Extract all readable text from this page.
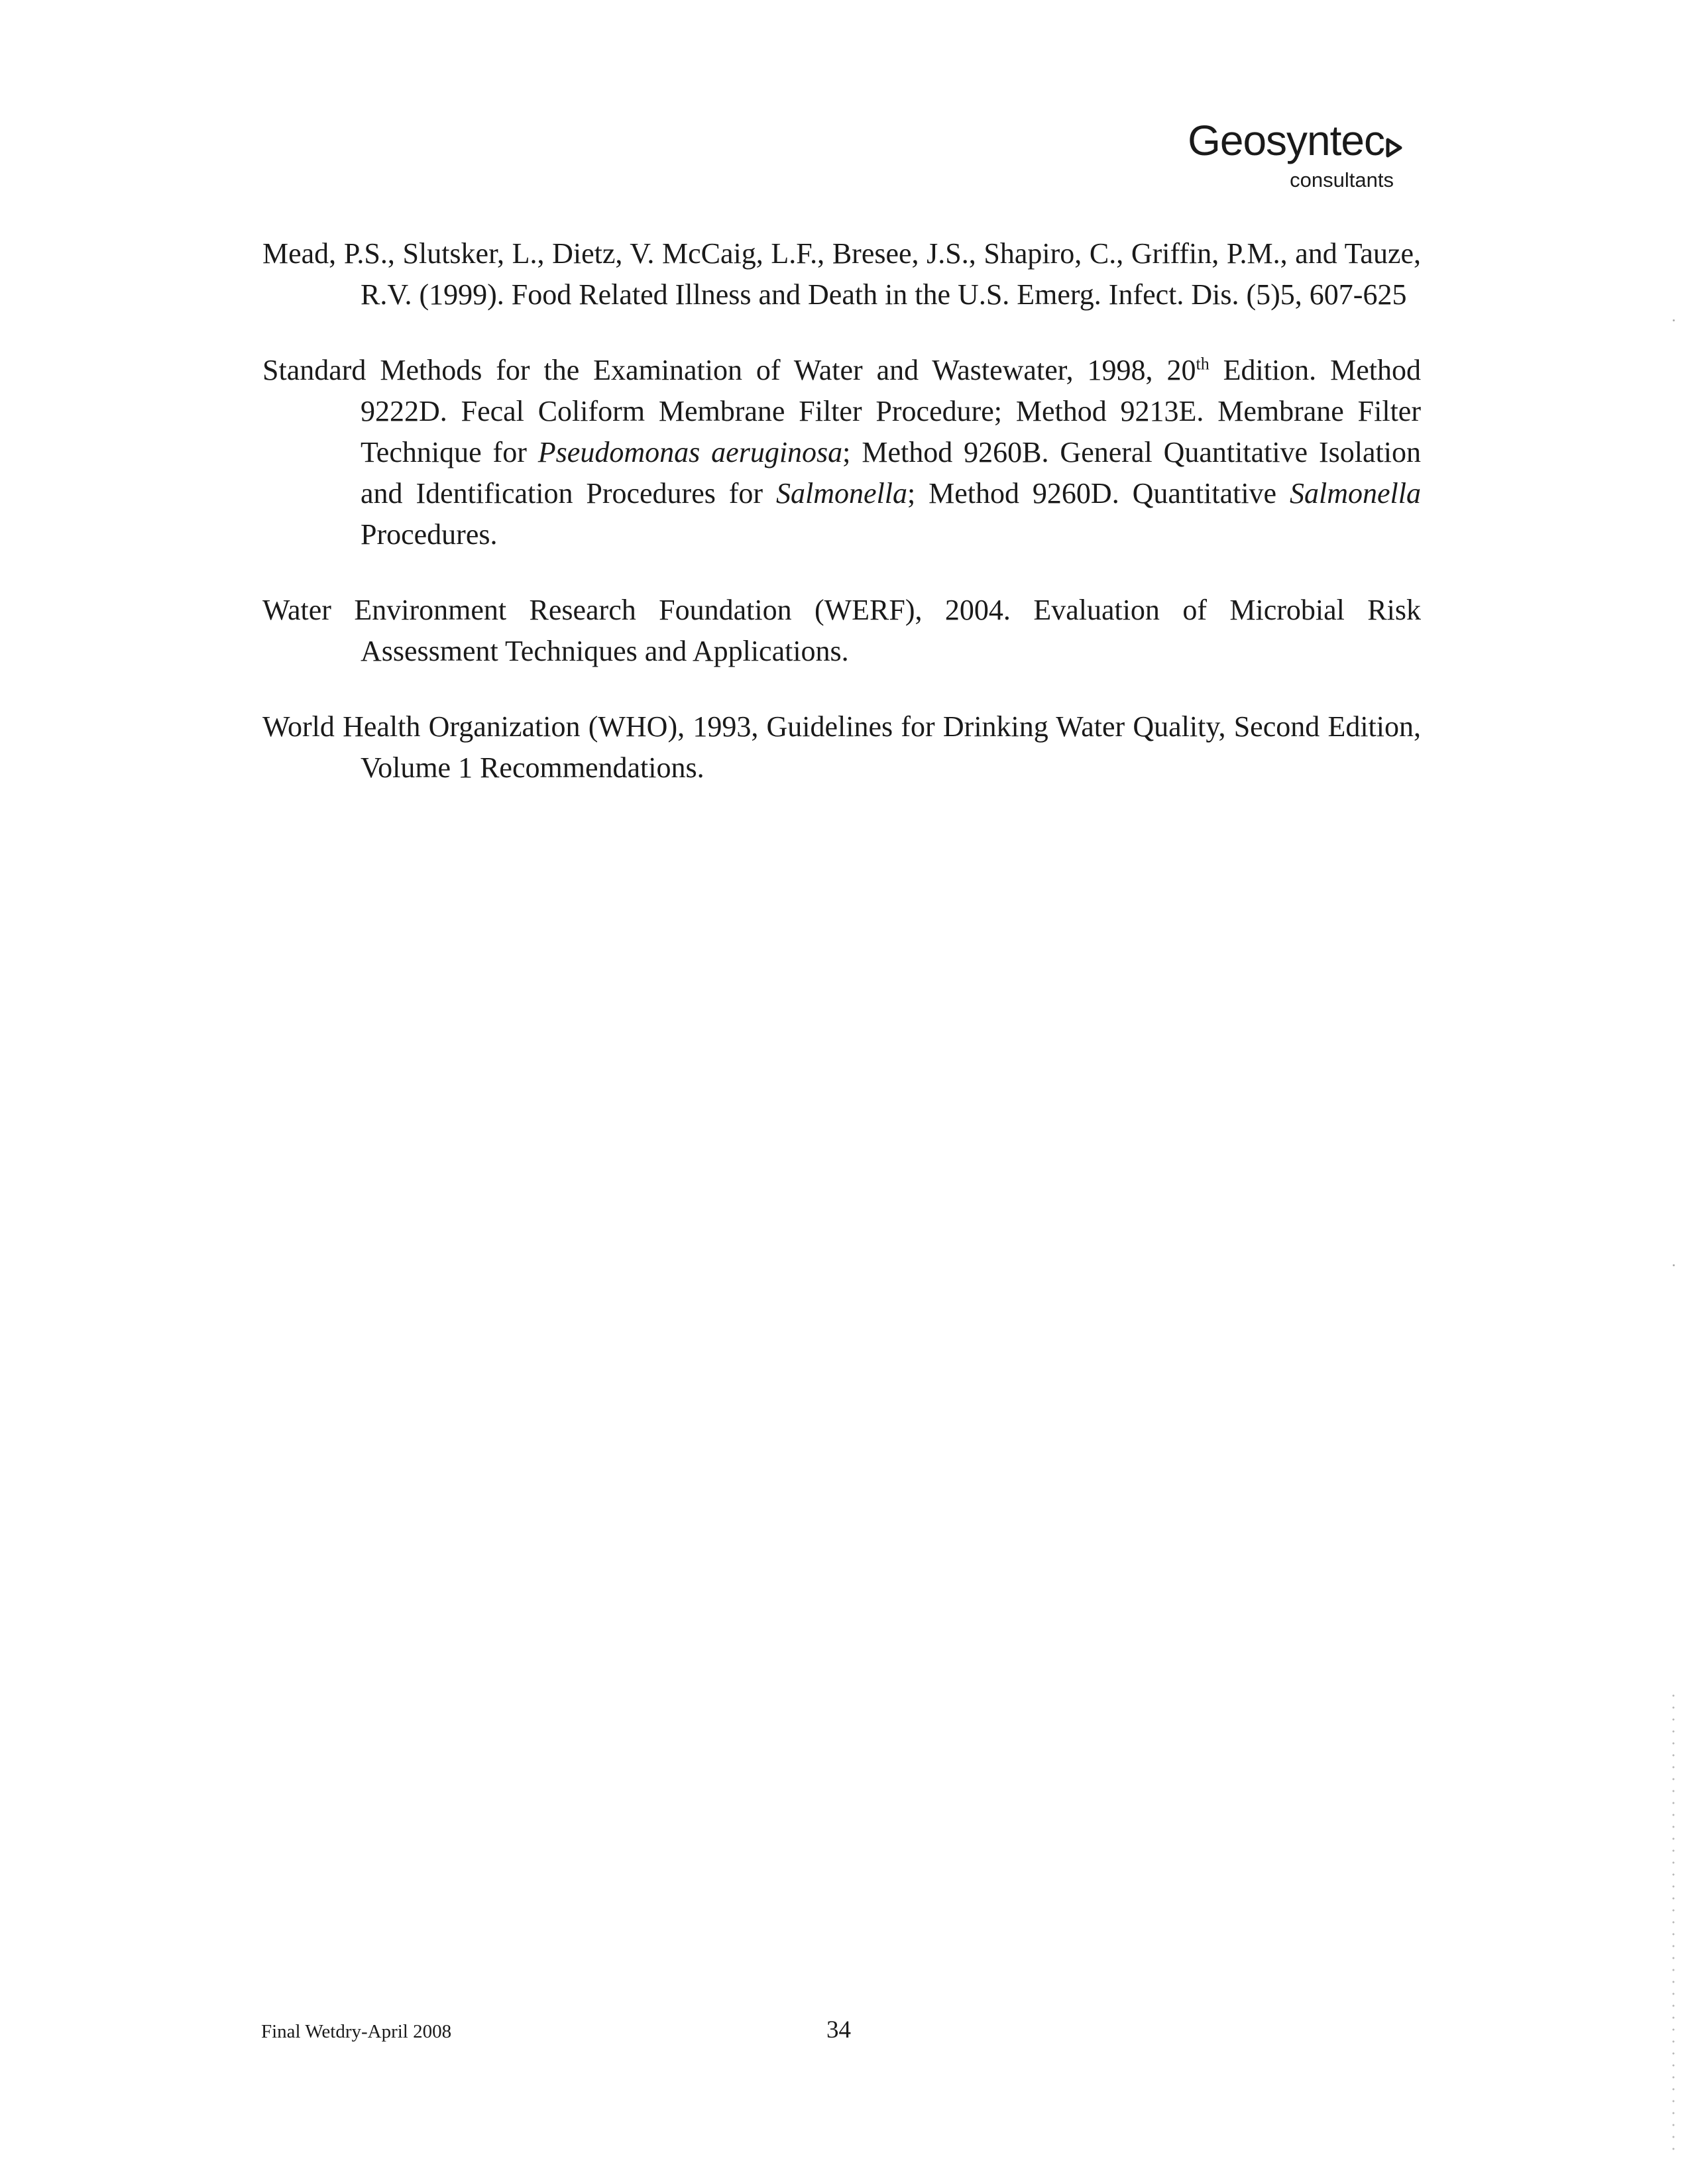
Geosyntec
consultants

Mead, P.S., Slutsker, L., Dietz, V. McCaig, L.F., Bresee, J.S., Shapiro, C., Griffin, P.M., and Tauze, R.V. (1999). Food Related Illness and Death in the U.S. Emerg. Infect. Dis. (5)5, 607-625

Standard Methods for the Examination of Water and Wastewater, 1998, 20th Edition. Method 9222D. Fecal Coliform Membrane Filter Procedure; Method 9213E. Membrane Filter Technique for Pseudomonas aeruginosa; Method 9260B. General Quantitative Isolation and Identification Procedures for Salmonella; Method 9260D. Quantitative Salmonella Procedures.

Water Environment Research Foundation (WERF), 2004. Evaluation of Microbial Risk Assessment Techniques and Applications.

World Health Organization (WHO), 1993, Guidelines for Drinking Water Quality, Second Edition, Volume 1 Recommendations.

Final Wetdry-April 2008	34
